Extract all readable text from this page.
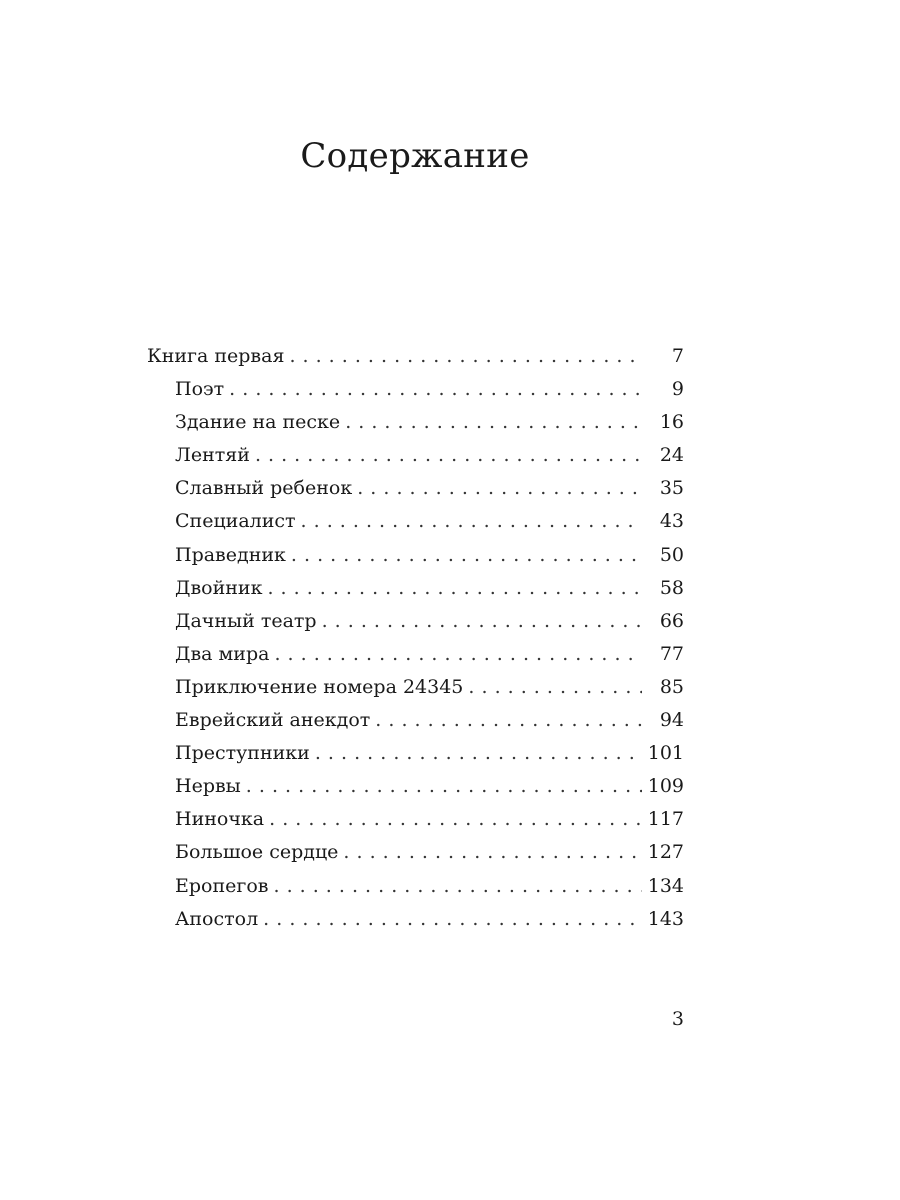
Содержание
Книга первая . . .	7
Поэт . . .	9
Здание на песке . . .	16
Лентяй . . .	24
Славный ребенок . . .	35
Специалист . . .	43
Праведник . . .	50
Двойник . . .	58
Дачный театр . . .	66
Два мира . . .	77
Приключение номера 24345 . . .	85
Еврейский анекдот . . .	94
Преступники . . .	101
Нервы . . .	109
Ниночка . . .	117
Большое сердце . . .	127
Еропегов . . .	134
Апостол . . .	143
3
